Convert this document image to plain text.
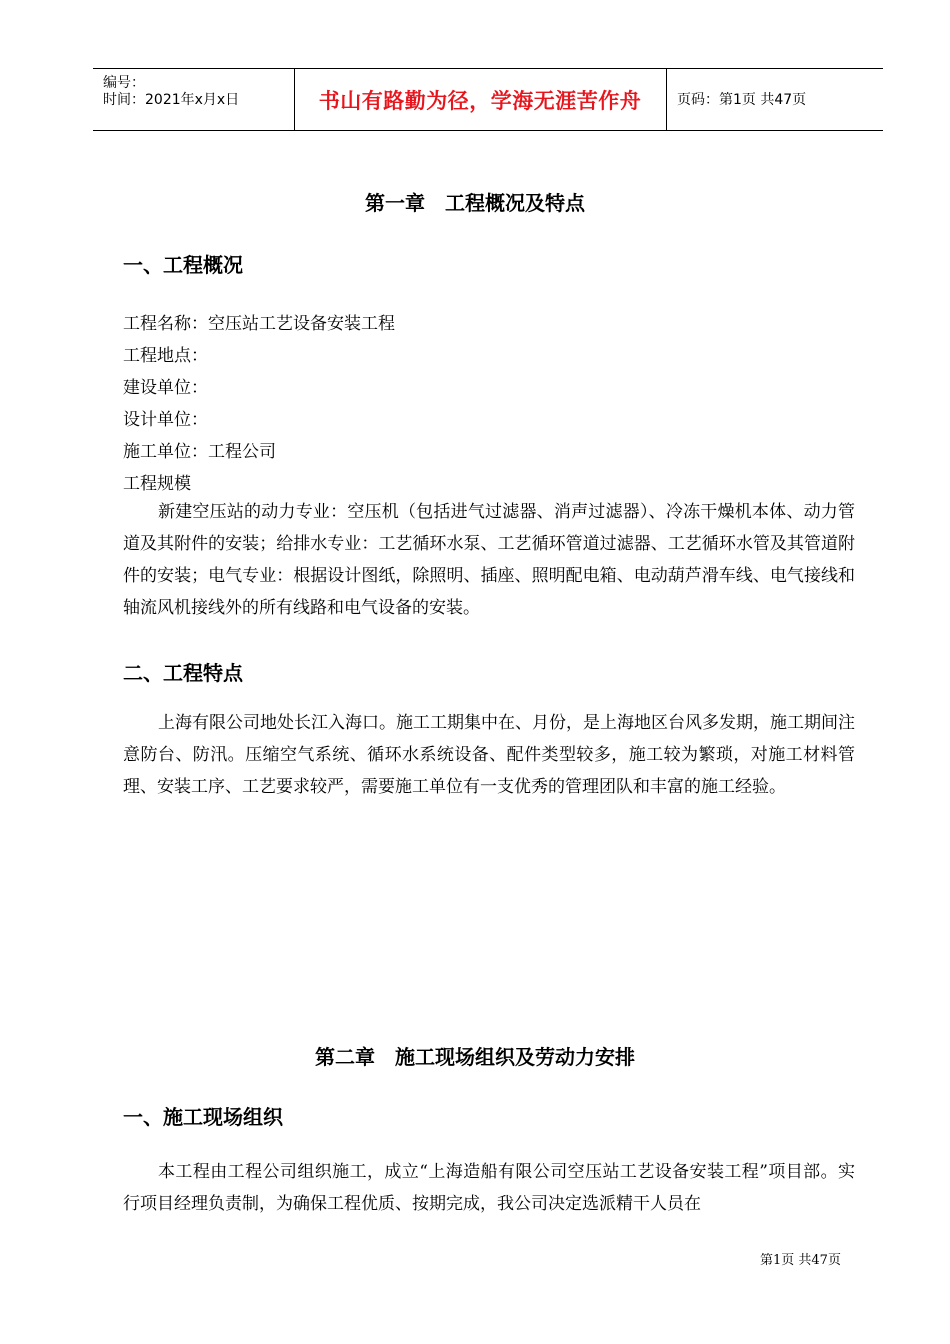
编号：
时间：2021年x月x日	书山有路勤为径，学海无涯苦作舟	页码：第1页 共47页
第一章　工程概况及特点
一、工程概况
工程名称：空压站工艺设备安装工程
工程地点：
建设单位：
设计单位：
施工单位：工程公司
工程规模

新建空压站的动力专业：空压机（包括进气过滤器、消声过滤器）、冷冻干燥机本体、动力管道及其附件的安装；给排水专业：工艺循环水泵、工艺循环管道过滤器、工艺循环水管及其管道附件的安装；电气专业：根据设计图纸，除照明、插座、照明配电箱、电动葫芦滑车线、电气接线和轴流风机接线外的所有线路和电气设备的安装。

二、工程特点

上海有限公司地处长江入海口。施工工期集中在、月份，是上海地区台风多发期，施工期间注意防台、防汛。压缩空气系统、循环水系统设备、配件类型较多，施工较为繁琐，对施工材料管理、安装工序、工艺要求较严，需要施工单位有一支优秀的管理团队和丰富的施工经验。

第二章　施工现场组织及劳动力安排
一、施工现场组织

本工程由工程公司组织施工，成立“上海造船有限公司空压站工艺设备安装工程”项目部。实行项目经理负责制，为确保工程优质、按期完成，我公司决定选派精干人员在

第1页 共47页
